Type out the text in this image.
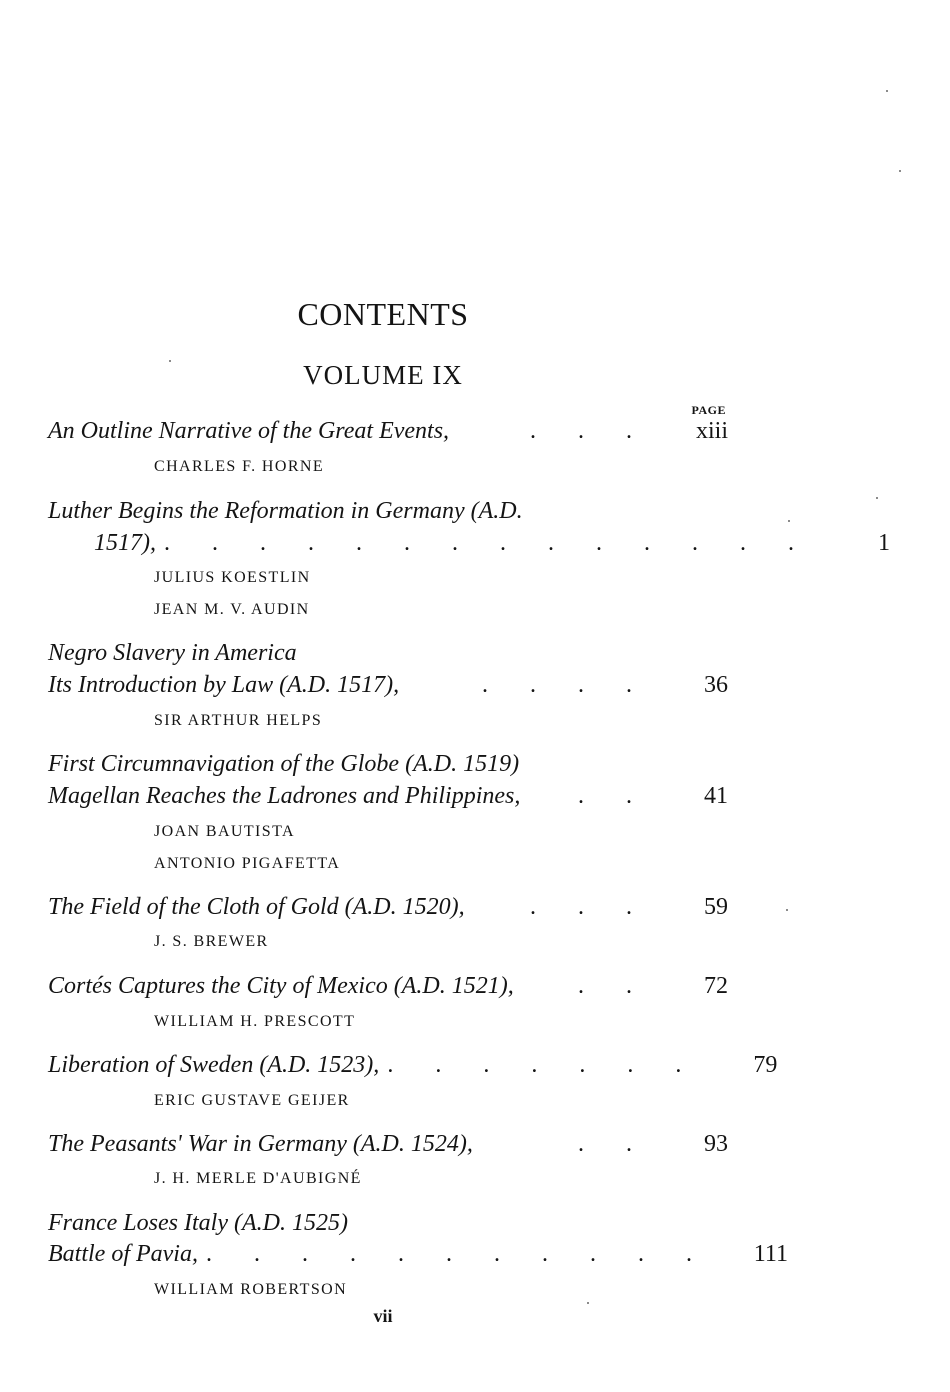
CONTENTS
VOLUME IX
PAGE
An Outline Narrative of the Great Events,	. . .	xiii
CHARLES F. HORNE
Luther Begins the Reformation in Germany (A.D.
1517), . . . . . . . . . . . . . .	1
JULIUS KOESTLIN
JEAN M. V. AUDIN
Negro Slavery in America
Its Introduction by Law (A.D. 1517),	. . . .	36
SIR ARTHUR HELPS
First Circumnavigation of the Globe (A.D. 1519)
Magellan Reaches the Ladrones and Philippines,	. .	41
JOAN BAUTISTA
ANTONIO PIGAFETTA
The Field of the Cloth of Gold (A.D. 1520),	. . .	59
J. S. BREWER
Cortés Captures the City of Mexico (A.D. 1521),	. .	72
WILLIAM H. PRESCOTT
Liberation of Sweden (A.D. 1523), . . . . . . .	79
ERIC GUSTAVE GEIJER
The Peasants' War in Germany (A.D. 1524),	. .	93
J. H. MERLE D'AUBIGNÉ
France Loses Italy (A.D. 1525)
Battle of Pavia, . . . . . . . . . . .	111
WILLIAM ROBERTSON
vii
